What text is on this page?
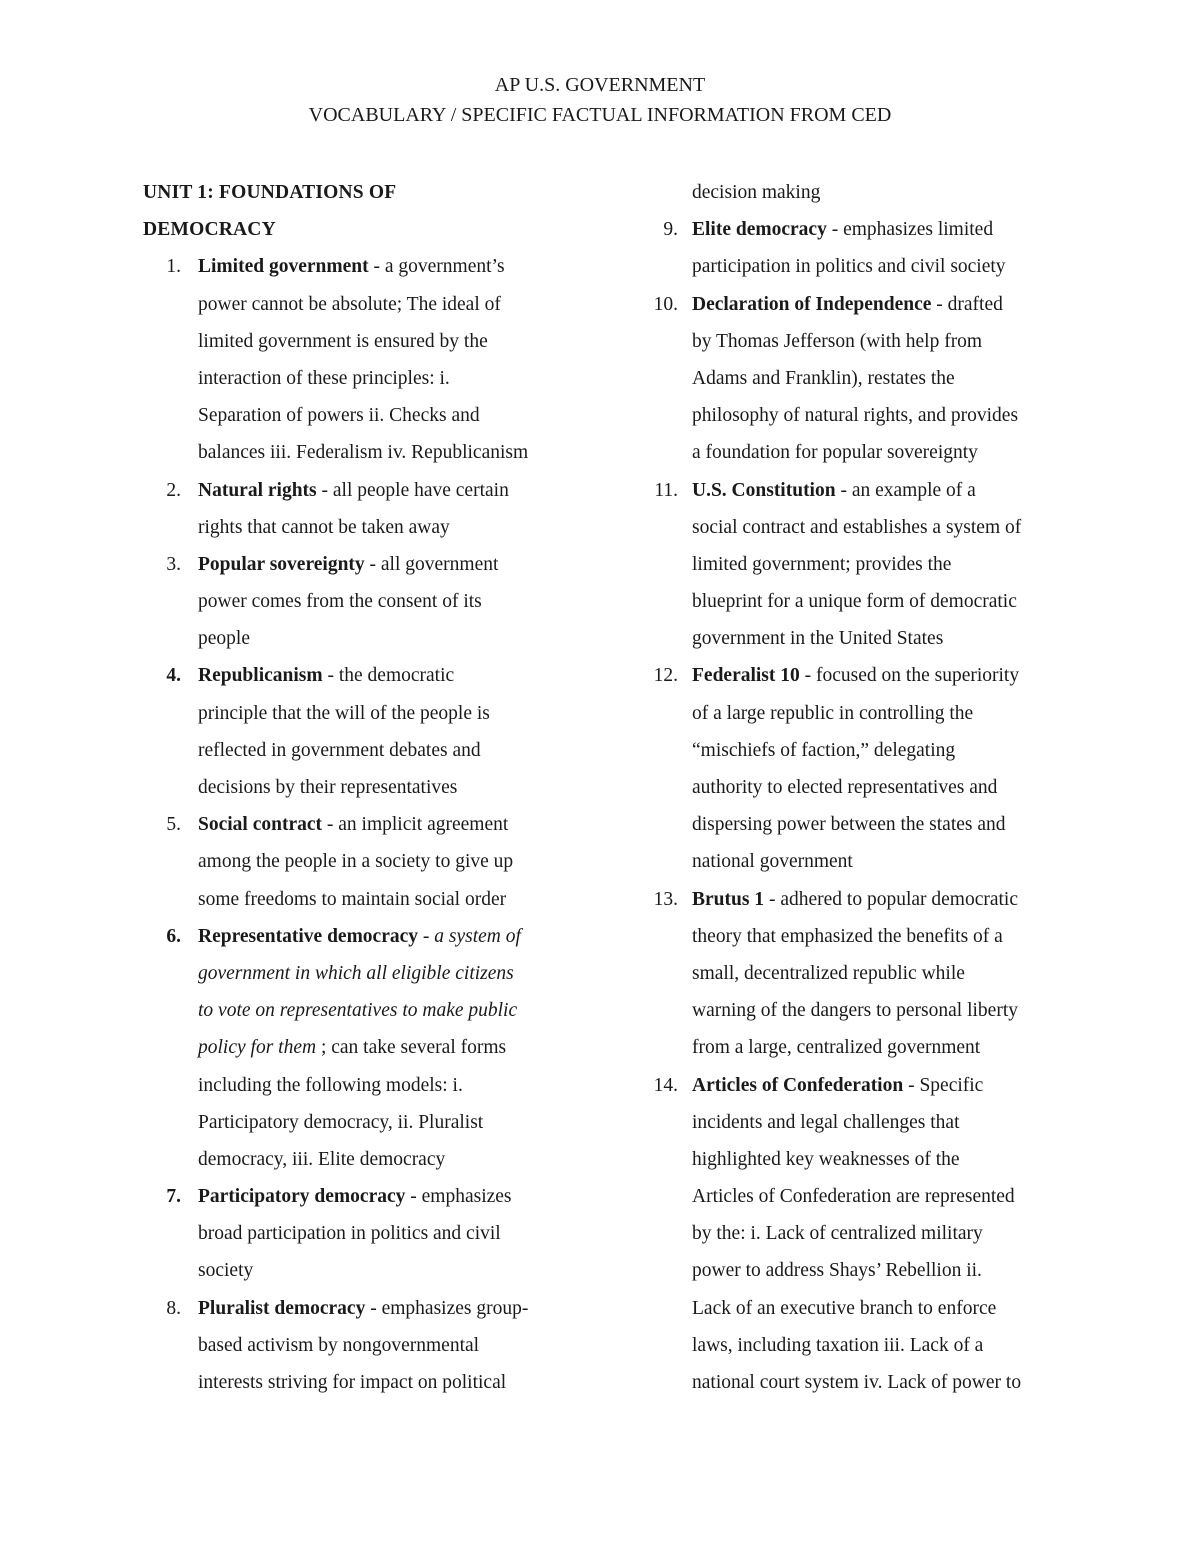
AP U.S. GOVERNMENT
VOCABULARY / SPECIFIC FACTUAL INFORMATION FROM CED
UNIT 1: FOUNDATIONS OF
DEMOCRACY
1. Limited government - a government’s
power cannot be absolute; The ideal of
limited government is ensured by the
interaction of these principles: i.
Separation of powers ii. Checks and
balances iii. Federalism iv. Republicanism
2. Natural rights - all people have certain
rights that cannot be taken away
3. Popular sovereignty - all government
power comes from the consent of its
people
4. Republicanism - the democratic
principle that the will of the people is
reflected in government debates and
decisions by their representatives
5. Social contract - an implicit agreement
among the people in a society to give up
some freedoms to maintain social order
6. Representative democracy - a system of
government in which all eligible citizens
to vote on representatives to make public
policy for them ; can take several forms
including the following models: i.
Participatory democracy, ii. Pluralist
democracy, iii. Elite democracy
7. Participatory democracy - emphasizes
broad participation in politics and civil
society
8. Pluralist democracy - emphasizes group-
based activism by nongovernmental
interests striving for impact on political
decision making
9. Elite democracy - emphasizes limited
participation in politics and civil society
10. Declaration of Independence - drafted
by Thomas Jefferson (with help from
Adams and Franklin), restates the
philosophy of natural rights, and provides
a foundation for popular sovereignty
11. U.S. Constitution - an example of a
social contract and establishes a system of
limited government; provides the
blueprint for a unique form of democratic
government in the United States
12. Federalist 10 - focused on the superiority
of a large republic in controlling the
“mischiefs of faction,” delegating
authority to elected representatives and
dispersing power between the states and
national government
13. Brutus 1 - adhered to popular democratic
theory that emphasized the benefits of a
small, decentralized republic while
warning of the dangers to personal liberty
from a large, centralized government
14. Articles of Confederation - Specific
incidents and legal challenges that
highlighted key weaknesses of the
Articles of Confederation are represented
by the: i. Lack of centralized military
power to address Shays’ Rebellion ii.
Lack of an executive branch to enforce
laws, including taxation iii. Lack of a
national court system iv. Lack of power to
